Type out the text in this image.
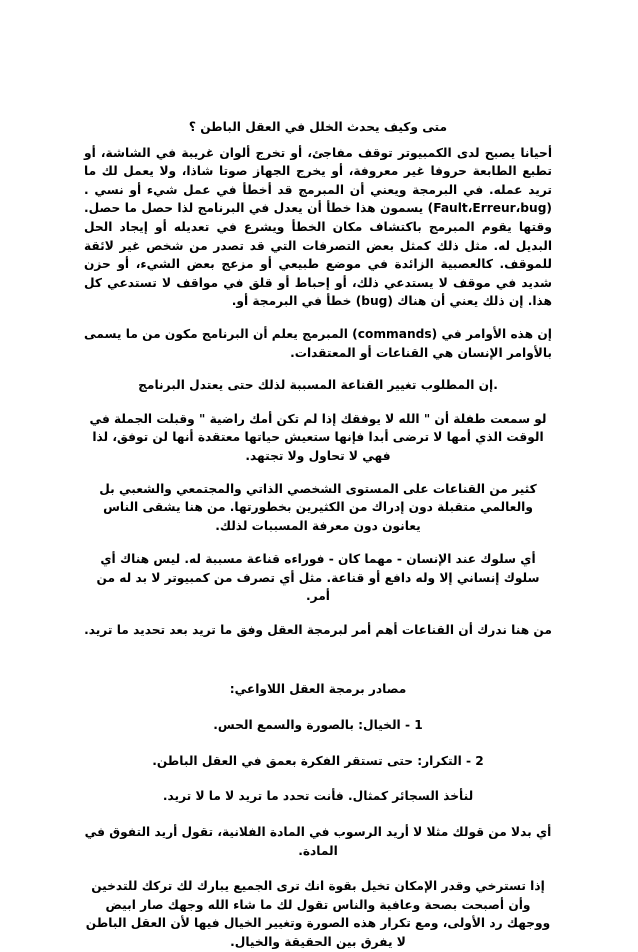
متى وكيف يحدث الخلل في العقل الباطن ؟

أحيانا يصبح لدى الكمبيوتر توقف مفاجئ، أو تخرج ألوان غريبة في الشاشة، أو تطبع الطابعة حروفا غير معروفة، أو يخرج الجهاز صوتا شاذا، ولا يعمل لك ما تريد عمله. في البرمجة ويعني أن المبرمج قد أخطأ في عمل شيء أو نسي .(Fault،Erreur،bug) يسمون هذا خطأ أن يعدل في البرنامج لذا حصل ما حصل. وقتها يقوم المبرمج باكتشاف مكان الخطأ ويشرع في تعديله أو إيجاد الحل البديل له. مثل ذلك كمثل بعض التصرفات التي قد تصدر من شخص غير لائقة للموقف. كالعصبية الزائدة في موضع طبيعي أو مزعج بعض الشيء، أو حزن شديد في موقف لا يستدعي ذلك، أو إحباط أو قلق في مواقف لا تستدعي كل هذا. إن ذلك يعني أن هناك (bug) خطأ في البرمجة أو.

إن هذه الأوامر في (commands) المبرمج يعلم أن البرنامج مكون من ما يسمى بالأوامر الإنسان هي القناعات أو المعتقدات.

.إن المطلوب تغيير القناعة المسببة لذلك حتى يعتدل البرنامج

لو سمعت طفلة أن " الله لا يوفقك إذا لم تكن أمك راضية " وقبلت الجملة في الوقت الذي أمها لا ترضى أبدا فإنها ستعيش حياتها معتقدة أنها لن توفق، لذا فهي لا تحاول ولا تجتهد.

كثير من القناعات على المستوى الشخصي الذاتي والمجتمعي والشعبي بل والعالمي متقبلة دون إدراك من الكثيرين بخطورتها. من هنا يشقى الناس يعانون دون معرفة المسببات لذلك.

أي سلوك عند الإنسان - مهما كان - فوراءه قناعة مسببة له. ليس هناك أي سلوك إنساني إلا وله دافع أو قناعة. مثل أي تصرف من كمبيوتر لا بد له من أمر.

من هنا ندرك أن القناعات أهم أمر لبرمجة العقل وفق ما تريد بعد تحديد ما تريد.

مصادر برمجة العقل اللاواعي:

1 - الخيال: بالصورة والسمع الحس.

2 - التكرار: حتى تستقر الفكرة بعمق في العقل الباطن.

لنأخذ السجائر كمثال. فأنت تحدد ما تريد لا ما لا تريد.

أي بدلا من قولك مثلا لا أريد الرسوب في المادة الفلانية، تقول أريد التفوق في المادة.

إذا تسترخي وقدر الإمكان تخيل بقوة انك ترى الجميع يبارك لك تركك للتدخين وأن أصبحت بصحة وعافية والناس تقول لك ما شاء الله وجهك صار ابيض ووجهك رد الأولى، ومع تكرار هذه الصورة وتغيير الخيال فيها لأن العقل الباطن لا يفرق بين الحقيقة والخيال.
